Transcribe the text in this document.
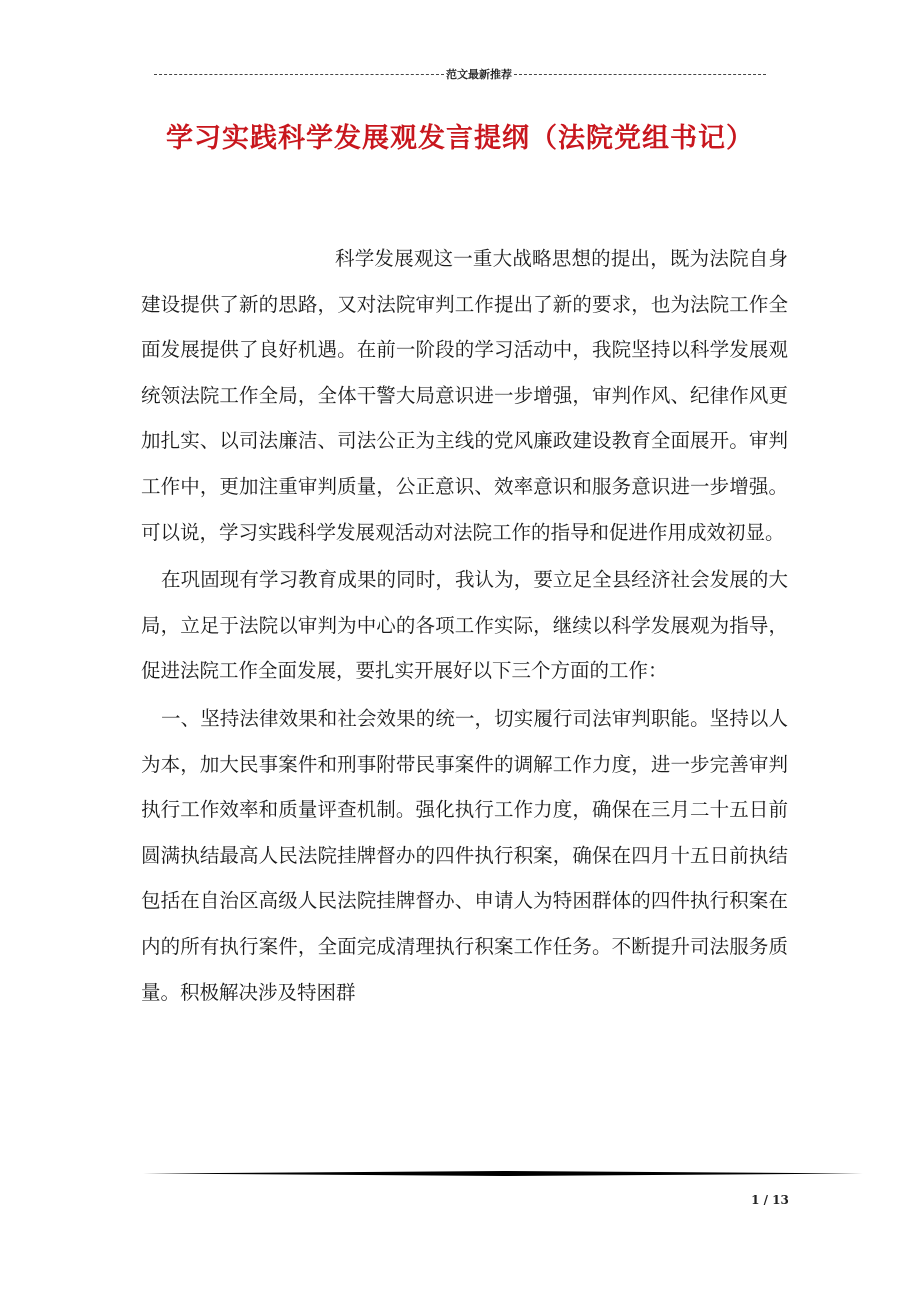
范文最新推荐
学习实践科学发展观发言提纲（法院党组书记）

科学发展观这一重大战略思想的提出，既为法院自身建设提供了新的思路，又对法院审判工作提出了新的要求，也为法院工作全面发展提供了良好机遇。在前一阶段的学习活动中，我院坚持以科学发展观统领法院工作全局，全体干警大局意识进一步增强，审判作风、纪律作风更加扎实、以司法廉洁、司法公正为主线的党风廉政建设教育全面展开。审判工作中，更加注重审判质量，公正意识、效率意识和服务意识进一步增强。可以说，学习实践科学发展观活动对法院工作的指导和促进作用成效初显。

在巩固现有学习教育成果的同时，我认为，要立足全县经济社会发展的大局，立足于法院以审判为中心的各项工作实际，继续以科学发展观为指导，促进法院工作全面发展，要扎实开展好以下三个方面的工作：

一、坚持法律效果和社会效果的统一，切实履行司法审判职能。坚持以人为本，加大民事案件和刑事附带民事案件的调解工作力度，进一步完善审判执行工作效率和质量评查机制。强化执行工作力度，确保在三月二十五日前圆满执结最高人民法院挂牌督办的四件执行积案，确保在四月十五日前执结包括在自治区高级人民法院挂牌督办、申请人为特困群体的四件执行积案在内的所有执行案件，全面完成清理执行积案工作任务。不断提升司法服务质量。积极解决涉及特困群

1 / 13
